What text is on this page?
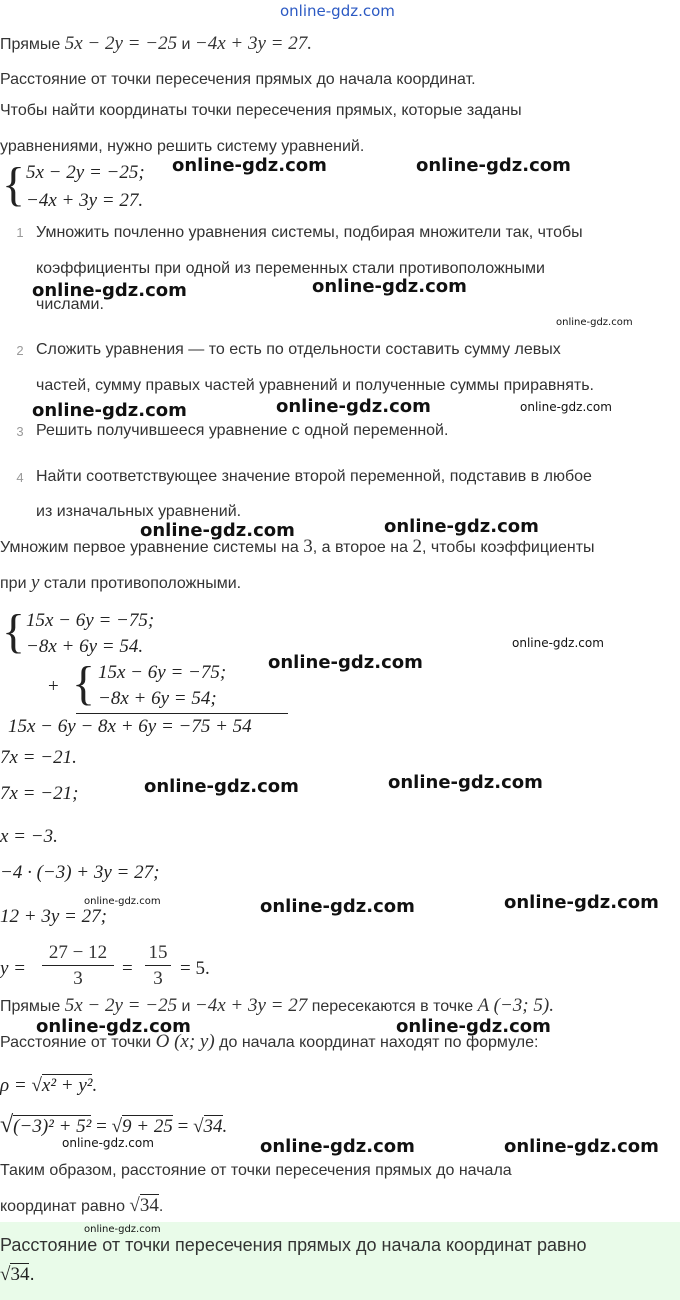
online-gdz.com
Прямые 5x − 2y = −25 и −4x + 3y = 27.
Расстояние от точки пересечения прямых до начала координат.
Чтобы найти координаты точки пересечения прямых, которые заданы
уравнениями, нужно решить систему уравнений.
{ 5x − 2y = −25;
−4x + 3y = 27.
1 Умножить почленно уравнения системы, подбирая множители так, чтобы
коэффициенты при одной из переменных стали противоположными
числами.
2 Сложить уравнения — то есть по отдельности составить сумму левых
частей, сумму правых частей уравнений и полученные суммы приравнять.
3 Решить получившееся уравнение с одной переменной.
4 Найти соответствующее значение второй переменной, подставив в любое
из изначальных уравнений.
Умножим первое уравнение системы на 3, а второе на 2, чтобы коэффициенты
при y стали противоположными.
{ 15x − 6y = −75;
−8x + 6y = 54.
+ { 15x − 6y = −75;
−8x + 6y = 54;
15x − 6y − 8x + 6y = −75 + 54
7x = −21.
7x = −21;
x = −3.
−4 · (−3) + 3y = 27;
12 + 3y = 27;
y =
27 − 12
3	=
15
3 = 5.
Прямые 5x − 2y = −25 и −4x + 3y = 27 пересекаются в точке A (−3; 5).
Расстояние от точки O (x; y) до начала координат находят по формуле:
ρ = √x² + y².
√(−3)² + 5² = √9 + 25 = √34.
Таким образом, расстояние от точки пересечения прямых до начала
координат равно √34.
Расстояние от точки пересечения прямых до начала координат равно
√34.
online-gdz.com	online-gdz.com
online-gdz.com	online-gdz.com
online-gdz.com
online-gdz.com	online-gdz.com	online-gdz.com
online-gdz.com	online-gdz.com
online-gdz.com
online-gdz.com
online-gdz.com	online-gdz.com
online-gdz.com	online-gdz.com	online-gdz.com
online-gdz.com	online-gdz.com
online-gdz.com	online-gdz.com	online-gdz.com
online-gdz.com
